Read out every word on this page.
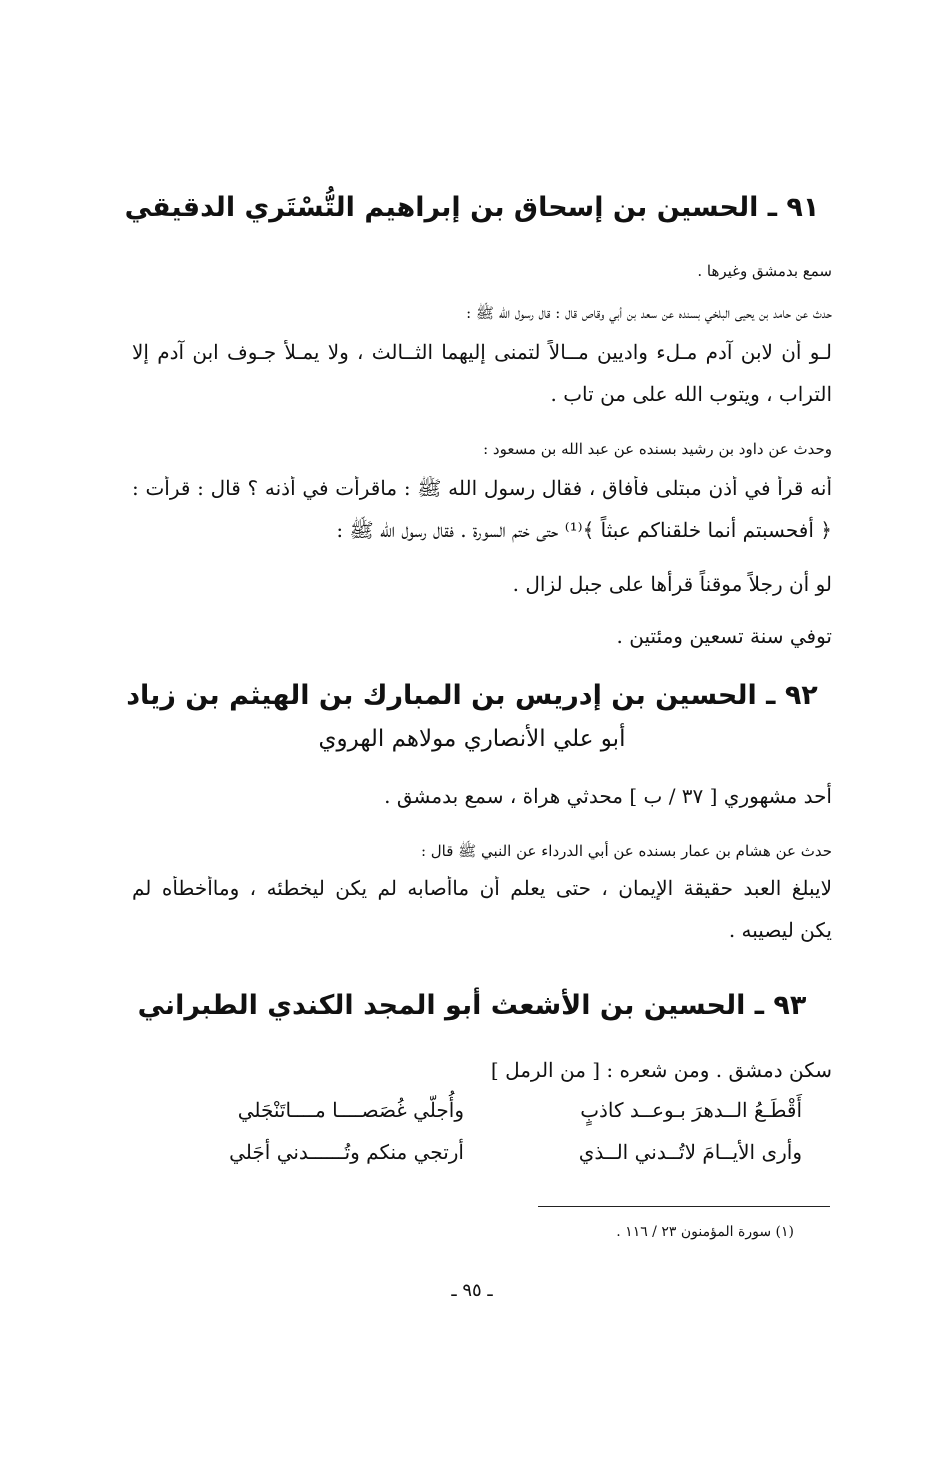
٩١ ـ الحسين بن إسحاق بن إبراهيم التُّسْتَري الدقيقي
سمع بدمشق وغيرها .
حدث عن حامد بن يحيى البلخي بسنده عن سعد بن أبي وقاص قال : قال رسول الله ﷺ :
لـو أن لابن آدم مـلء واديين مــالاً لتمنى إليهما الثــالث ، ولا يمـلأ جـوف ابن آدم إلا
التراب ، ويتوب الله على من تاب .
وحدث عن داود بن رشيد بسنده عن عبد الله بن مسعود :
أنه قرأ في أذن مبتلى فأفاق ، فقال رسول الله ﷺ : ماقرأت في أذنه ؟ قال : قرأت :
﴿ أفحسبتم أنما خلقناكم عبثاً ﴾⁽¹⁾ حتى ختم السورة . فقال رسول الله ﷺ :
لو أن رجلاً موقناً قرأها على جبل لزال .
توفي سنة تسعين ومئتين .
٩٢ ـ الحسين بن إدريس بن المبارك بن الهيثم بن زياد
أبو علي الأنصاري مولاهم الهروي
أحد مشهوري [ ٣٧ / ب ] محدثي هراة ، سمع بدمشق .
حدث عن هشام بن عمار بسنده عن أبي الدرداء عن النبي ﷺ قال :
لايبلغ العبد حقيقة الإيمان ، حتى يعلم أن ماأصابه لم يكن ليخطئه ، وماأخطأه لم
يكن ليصيبه .
٩٣ ـ الحسين بن الأشعث أبو المجد الكندي الطبراني
سكن دمشق . ومن شعره : [ من الرمل ]
أَقْطَـعُ الــدهرَ بـوعــد كاذبٍ
وأُجلّي غُصَصــــا مــــاتَنْجَلي
وأرى الأيــامَ لاتُــدني الــذي
أرتجي منكم وتُــــــدني أجَلي
(١) سورة المؤمنون ٢٣ / ١١٦ .
ـ ٩٥ ـ
